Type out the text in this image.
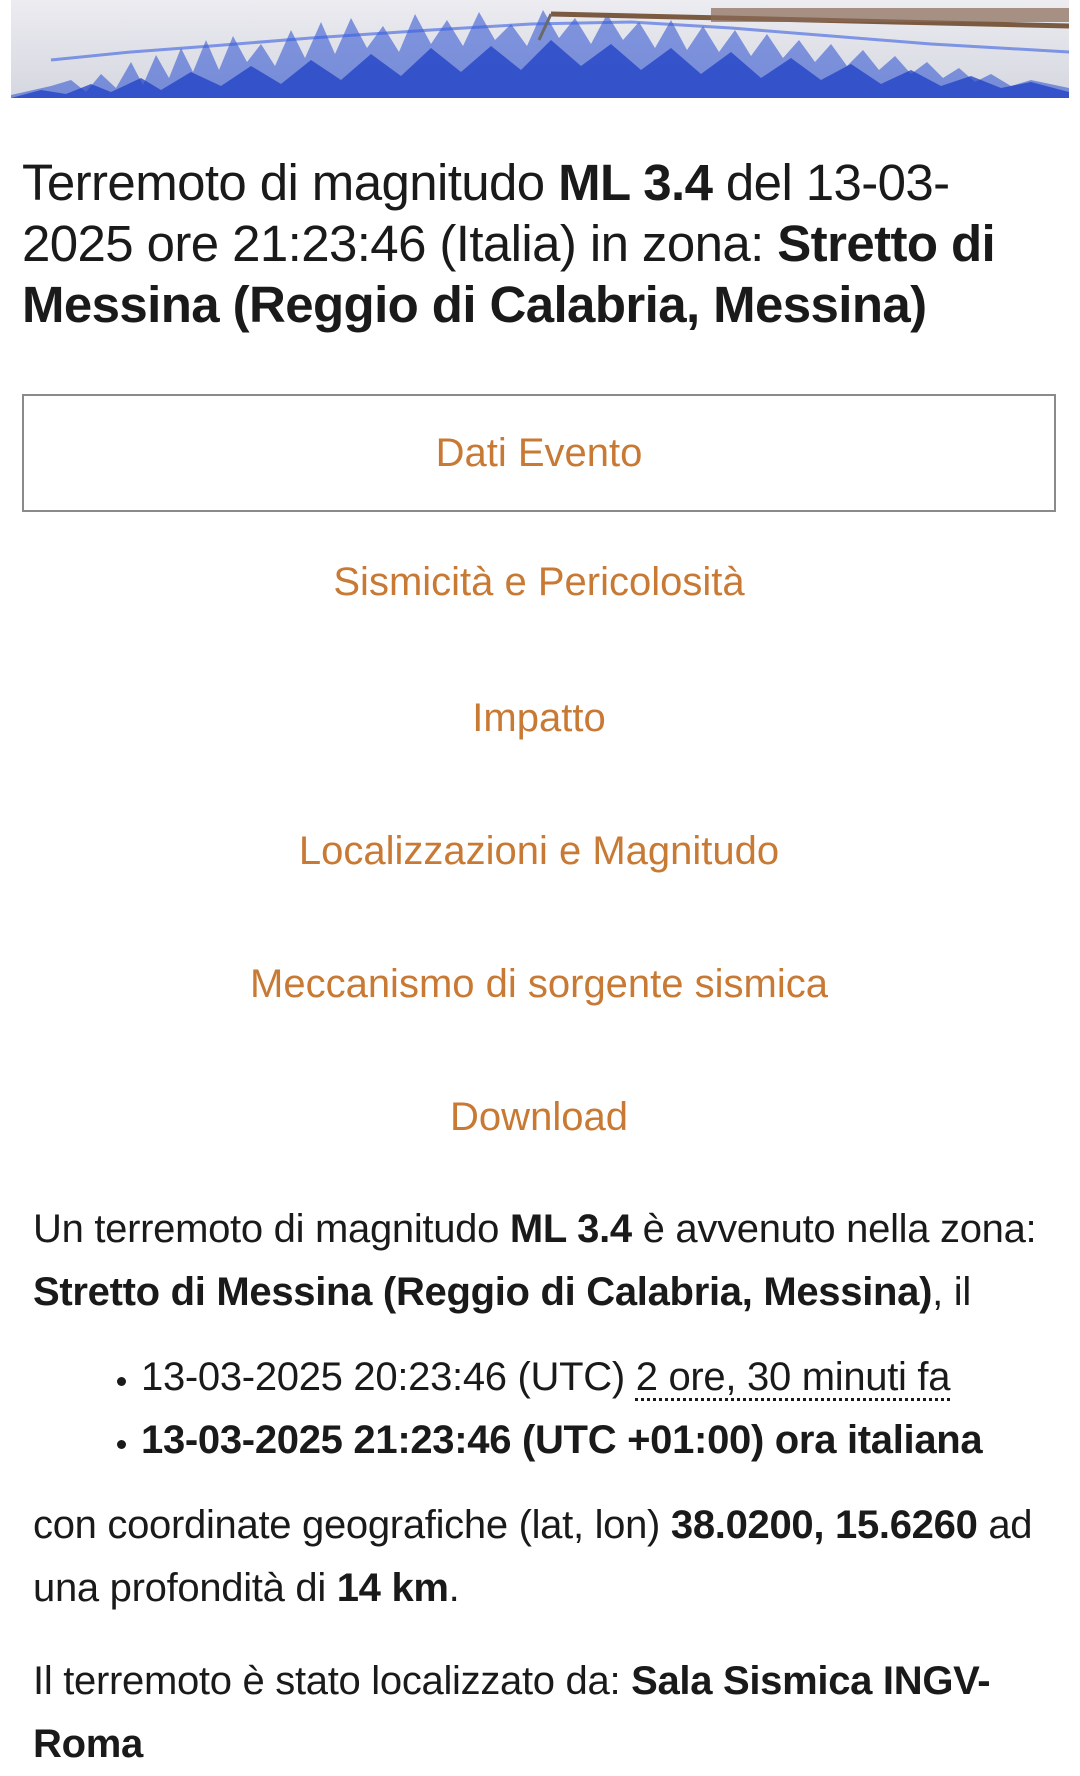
Terremoto di magnitudo ML 3.4 del 13-03-2025 ore 21:23:46 (Italia) in zona: Stretto di Messina (Reggio di Calabria, Messina)
Dati Evento
Sismicità e Pericolosità
Impatto
Localizzazioni e Magnitudo
Meccanismo di sorgente sismica
Download

Un terremoto di magnitudo ML 3.4 è avvenuto nella zona: Stretto di Messina (Reggio di Calabria, Messina), il

• 13-03-2025 20:23:46 (UTC) 2 ore, 30 minuti fa
• 13-03-2025 21:23:46 (UTC +01:00) ora italiana

con coordinate geografiche (lat, lon) 38.0200, 15.6260 ad una profondità di 14 km.

Il terremoto è stato localizzato da: Sala Sismica INGV-Roma
